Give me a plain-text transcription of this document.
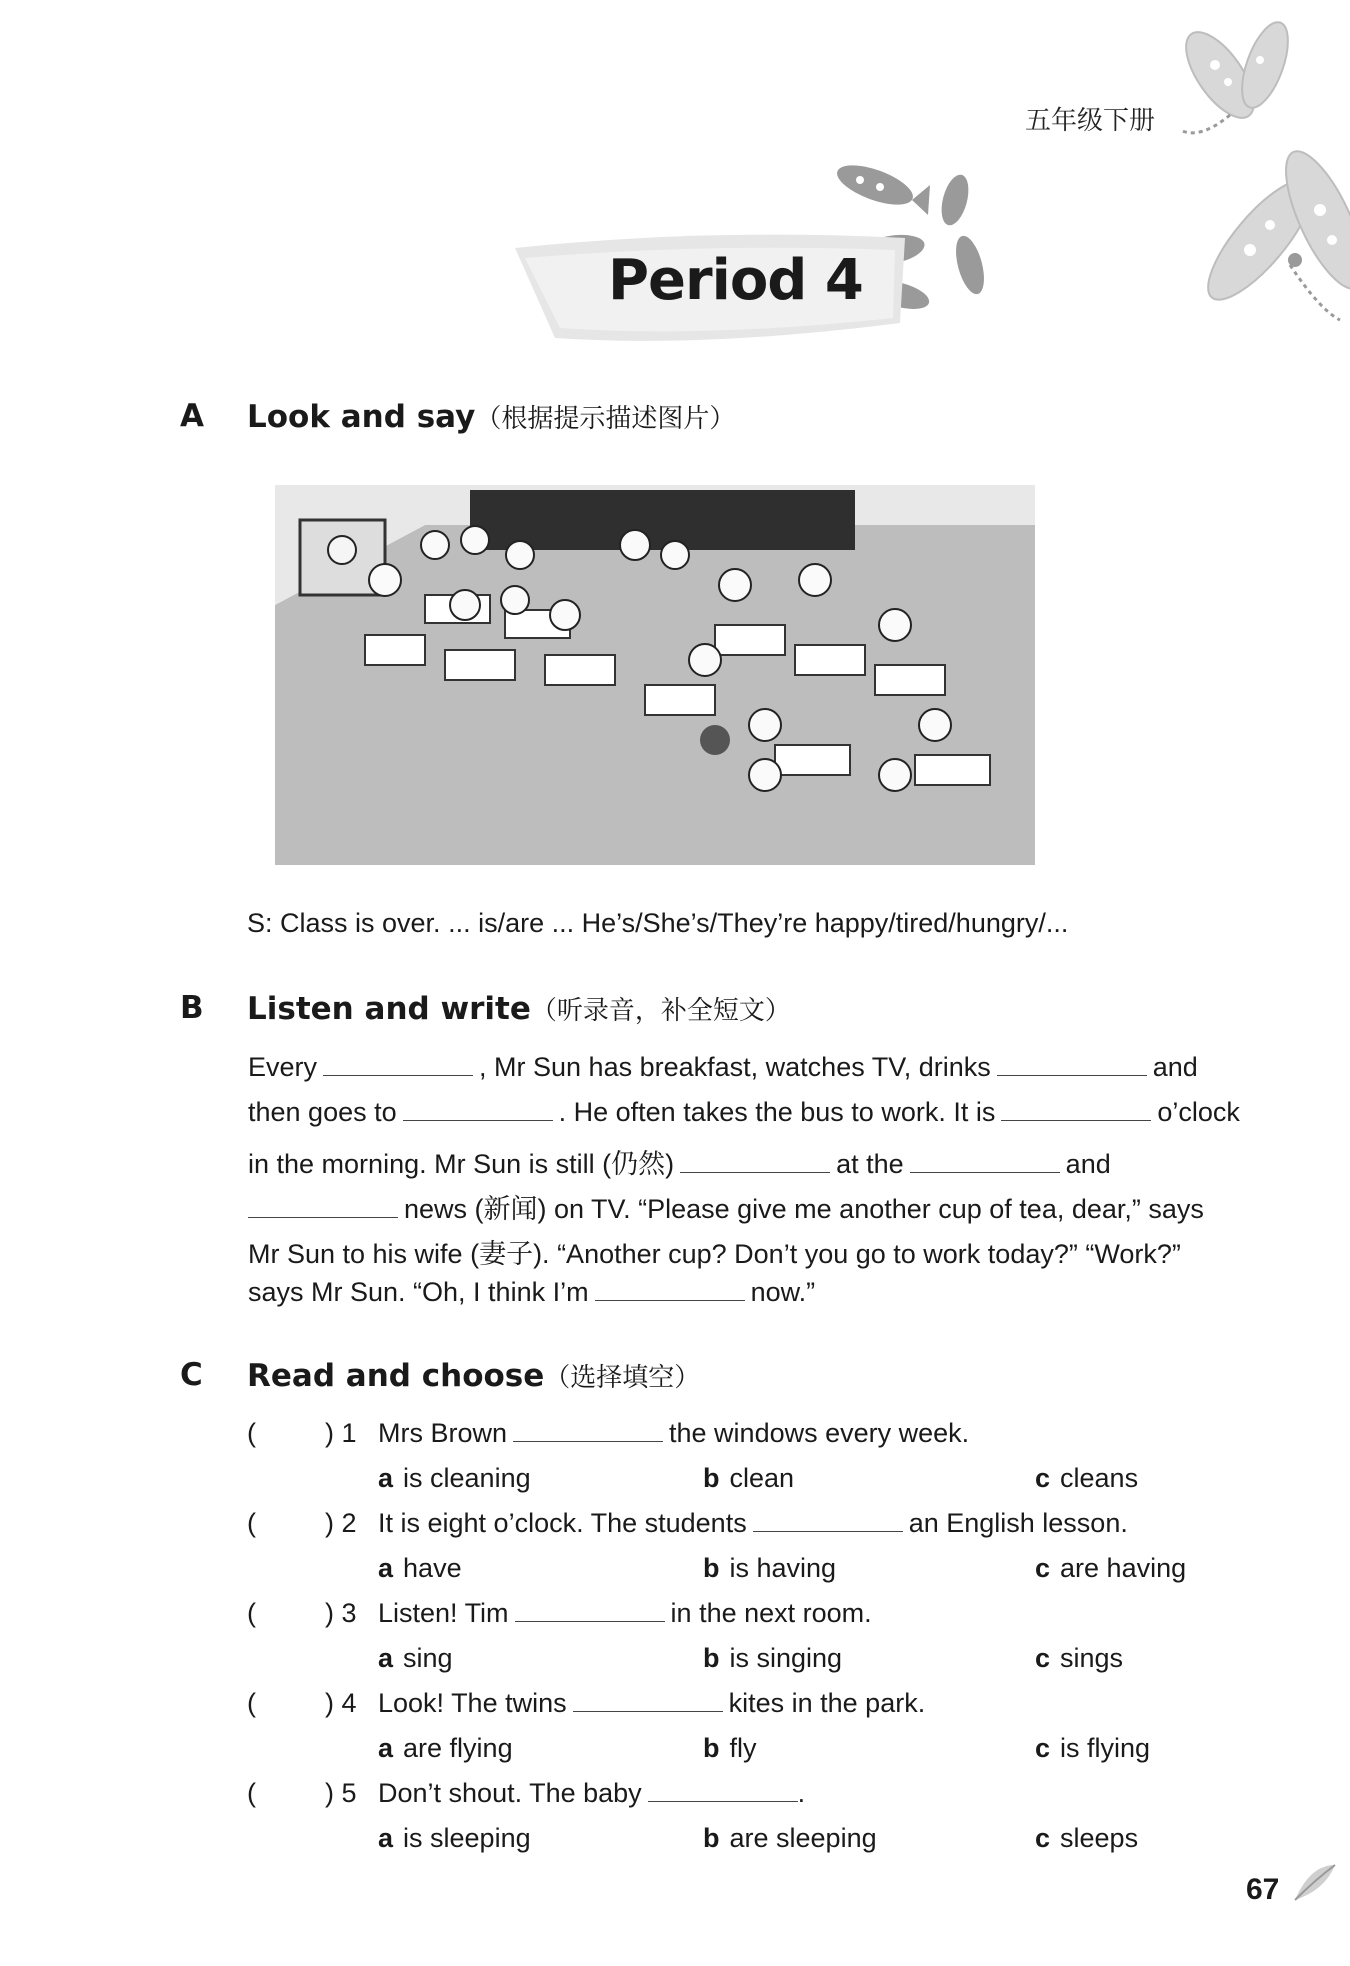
五年级下册
Period 4
A Look and say（根据提示描述图片）
S: Class is over. ... is/are ... He’s/She’s/They’re happy/tired/hungry/...
B Listen and write（听录音，补全短文）
Every	, Mr Sun has breakfast, watches TV, drinks	and
then goes to	. He often takes the bus to work. It is	o’clock
in the morning. Mr Sun is still (仍然)	at the	and
news (新闻) on TV. “Please give me another cup of tea, dear,” says
Mr Sun to his wife (妻子). “Another cup? Don’t you go to work today?” “Work?”
says Mr Sun. “Oh, I think I’m	now.”
C Read and choose（选择填空）
(	) 1 Mrs Brown	the windows every week.
a is cleaning	b clean	c cleans
(	) 2 It is eight o’clock. The students	an English lesson.
a have	b is having	c are having
(	) 3 Listen! Tim	in the next room.
a sing	b is singing	c sings
(	) 4 Look! The twins	kites in the park.
a are flying	b fly	c is flying
(	) 5 Don’t shout. The baby	.
a is sleeping	b are sleeping	c sleeps
67
